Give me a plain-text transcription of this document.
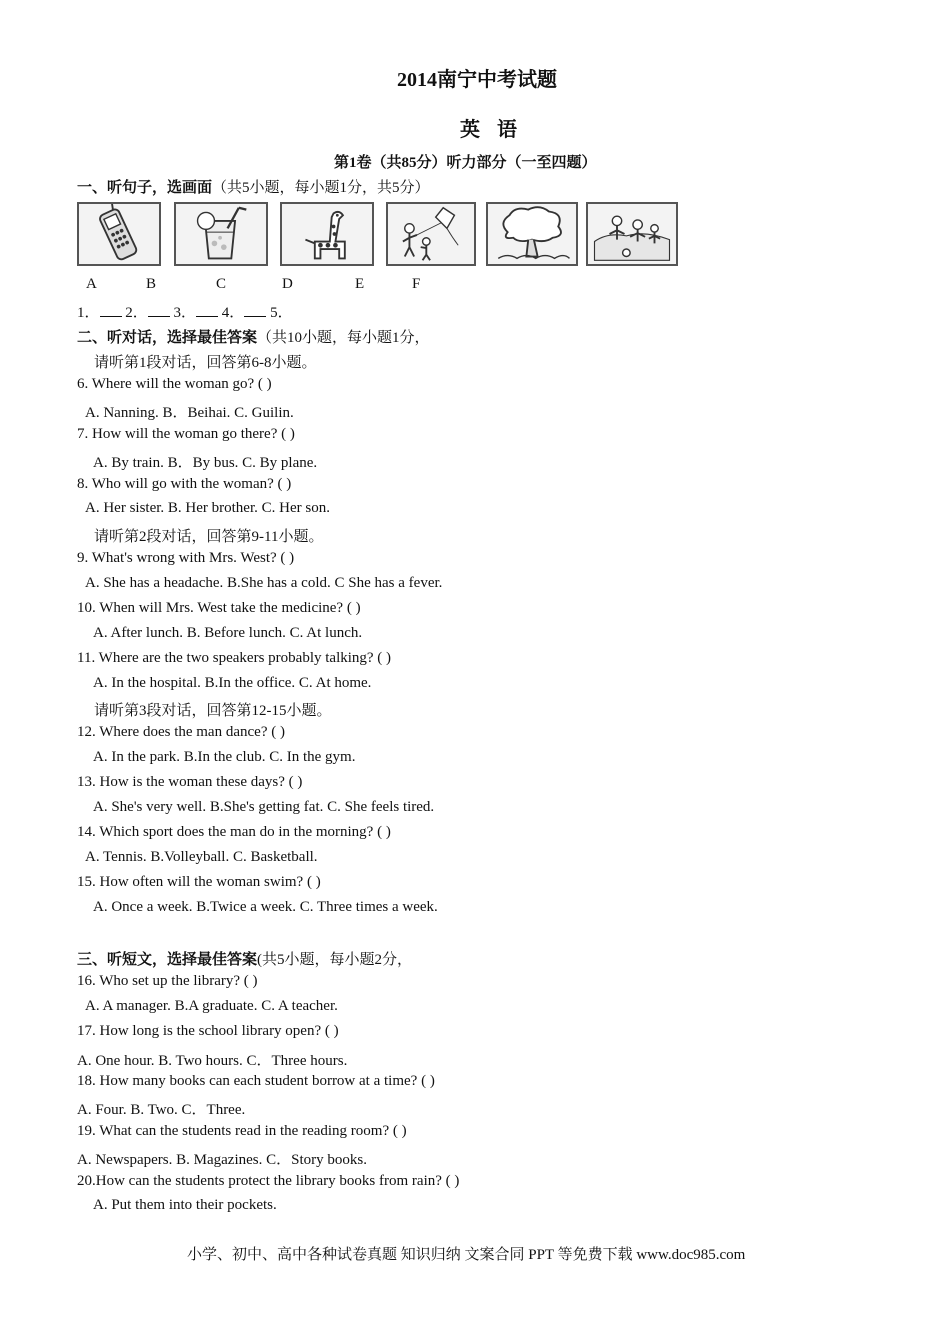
2014南宁中考试题
英 语
第1卷（共85分）听力部分（一至四题）
一、听句子，选画面（共5小题，每小题1分，共5分）
A	B	C	D	E	F
1． 2． 3． 4． 5．
二、听对话，选择最佳答案（共10小题，每小题1分，
请听第1段对话，回答第6-8小题。
6. Where will the woman go? ( )
A. Nanning. B．Beihai. C. Guilin.
7. How will the woman go there? ( )
A. By train. B．By bus. C. By plane.
8. Who will go with the woman? ( )
A. Her sister. B. Her brother. C. Her son.
请听第2段对话，回答第9-11小题。
9. What's wrong with Mrs. West? ( )
A. She has a headache. B.She has a cold. C She has a fever.
10. When will Mrs. West take the medicine? ( )
A. After lunch. B. Before lunch. C. At lunch.
11. Where are the two speakers probably talking? ( )
A. In the hospital. B.In the office. C. At home.
请听第3段对话，回答第12-15小题。
12. Where does the man dance? ( )
A. In the park. B.In the club. C. In the gym.
13. How is the woman these days? ( )
A. She's very well. B.She's getting fat. C. She feels tired.
14. Which sport does the man do in the morning? ( )
A. Tennis. B.Volleyball. C. Basketball.
15. How often will the woman swim? ( )
A. Once a week. B.Twice a week. C. Three times a week.
三、听短文，选择最佳答案(共5小题，每小题2分，
16. Who set up the library? ( )
A. A manager. B.A graduate. C. A teacher.
17. How long is the school library open? ( )
A. One hour. B. Two hours. C．Three hours.
18. How many books can each student borrow at a time? ( )
A. Four. B. Two. C．Three.
19. What can the students read in the reading room? ( )
A. Newspapers. B. Magazines. C．Story books.
20.How can the students protect the library books from rain? ( )
A. Put them into their pockets.
小学、初中、高中各种试卷真题 知识归纳 文案合同 PPT 等免费下载 www.doc985.com
